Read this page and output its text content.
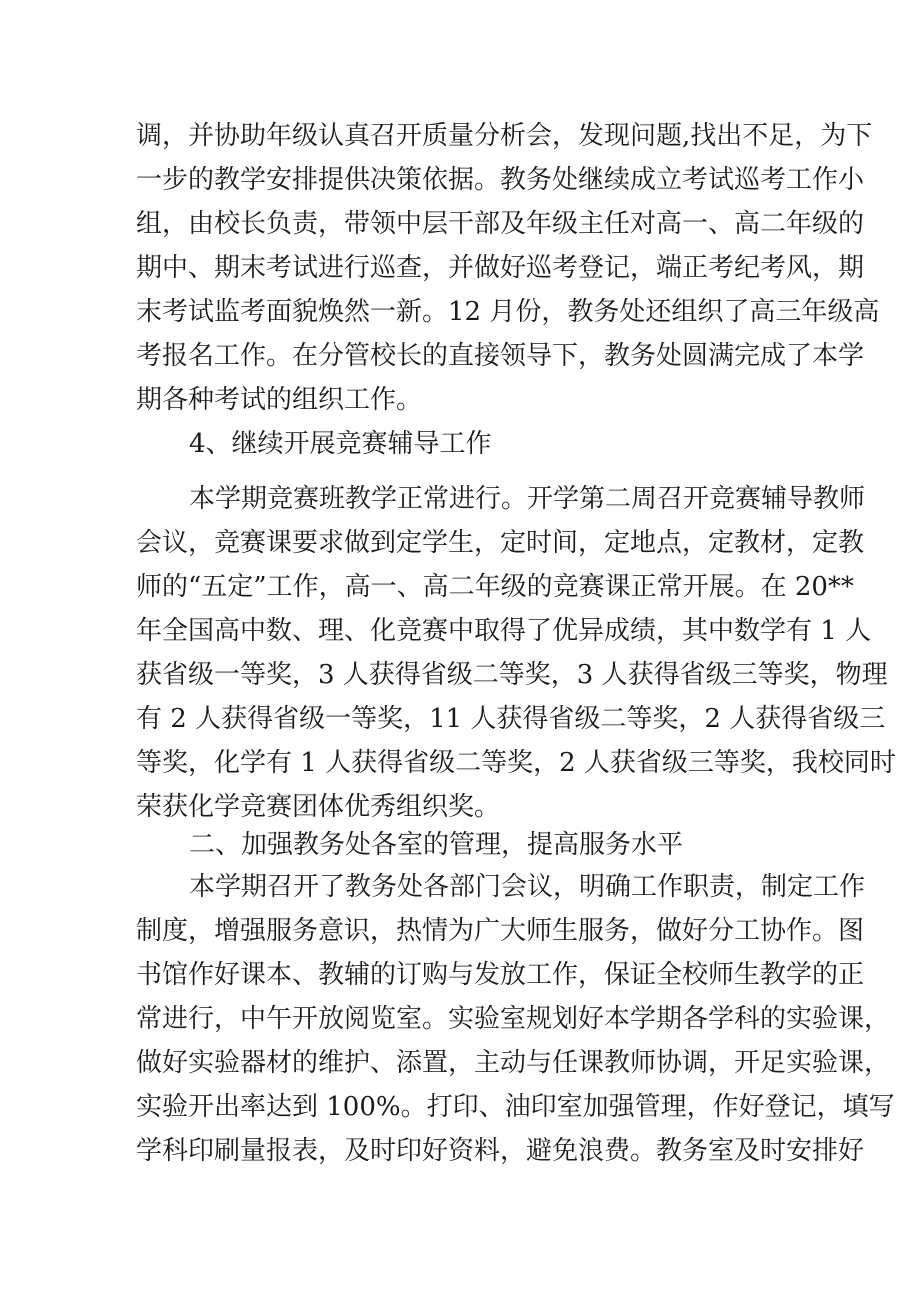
调，并协助年级认真召开质量分析会，发现问题,找出不足，为下

一步的教学安排提供决策依据。教务处继续成立考试巡考工作小

组，由校长负责，带领中层干部及年级主任对高一、高二年级的

期中、期末考试进行巡查，并做好巡考登记，端正考纪考风，期

末考试监考面貌焕然一新。12 月份，教务处还组织了高三年级高

考报名工作。在分管校长的直接领导下，教务处圆满完成了本学

期各种考试的组织工作。

4、继续开展竞赛辅导工作

本学期竞赛班教学正常进行。开学第二周召开竞赛辅导教师

会议，竞赛课要求做到定学生，定时间，定地点，定教材，定教

师的“五定”工作，高一、高二年级的竞赛课正常开展。在 20**

年全国高中数、理、化竞赛中取得了优异成绩，其中数学有 1 人

获省级一等奖，3 人获得省级二等奖，3 人获得省级三等奖，物理

有 2 人获得省级一等奖，11 人获得省级二等奖，2 人获得省级三

等奖，化学有 1 人获得省级二等奖，2 人获省级三等奖，我校同时

荣获化学竞赛团体优秀组织奖。

二、加强教务处各室的管理，提高服务水平

本学期召开了教务处各部门会议，明确工作职责，制定工作

制度，增强服务意识，热情为广大师生服务，做好分工协作。图

书馆作好课本、教辅的订购与发放工作，保证全校师生教学的正

常进行，中午开放阅览室。实验室规划好本学期各学科的实验课，

做好实验器材的维护、添置，主动与任课教师协调，开足实验课，

实验开出率达到 100%。打印、油印室加强管理，作好登记，填写

学科印刷量报表，及时印好资料，避免浪费。教务室及时安排好
